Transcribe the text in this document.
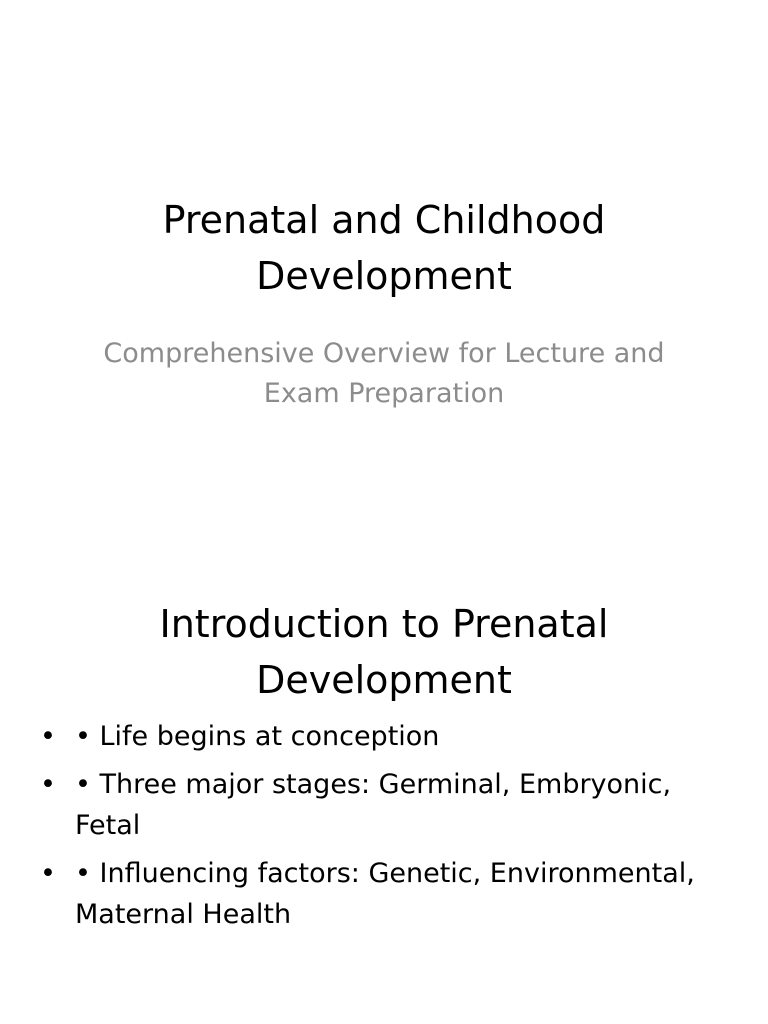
Prenatal and Childhood Development

Comprehensive Overview for Lecture and Exam Preparation

Introduction to Prenatal Development
• • Life begins at conception
• • Three major stages: Germinal, Embryonic, Fetal
• • Influencing factors: Genetic, Environmental, Maternal Health
